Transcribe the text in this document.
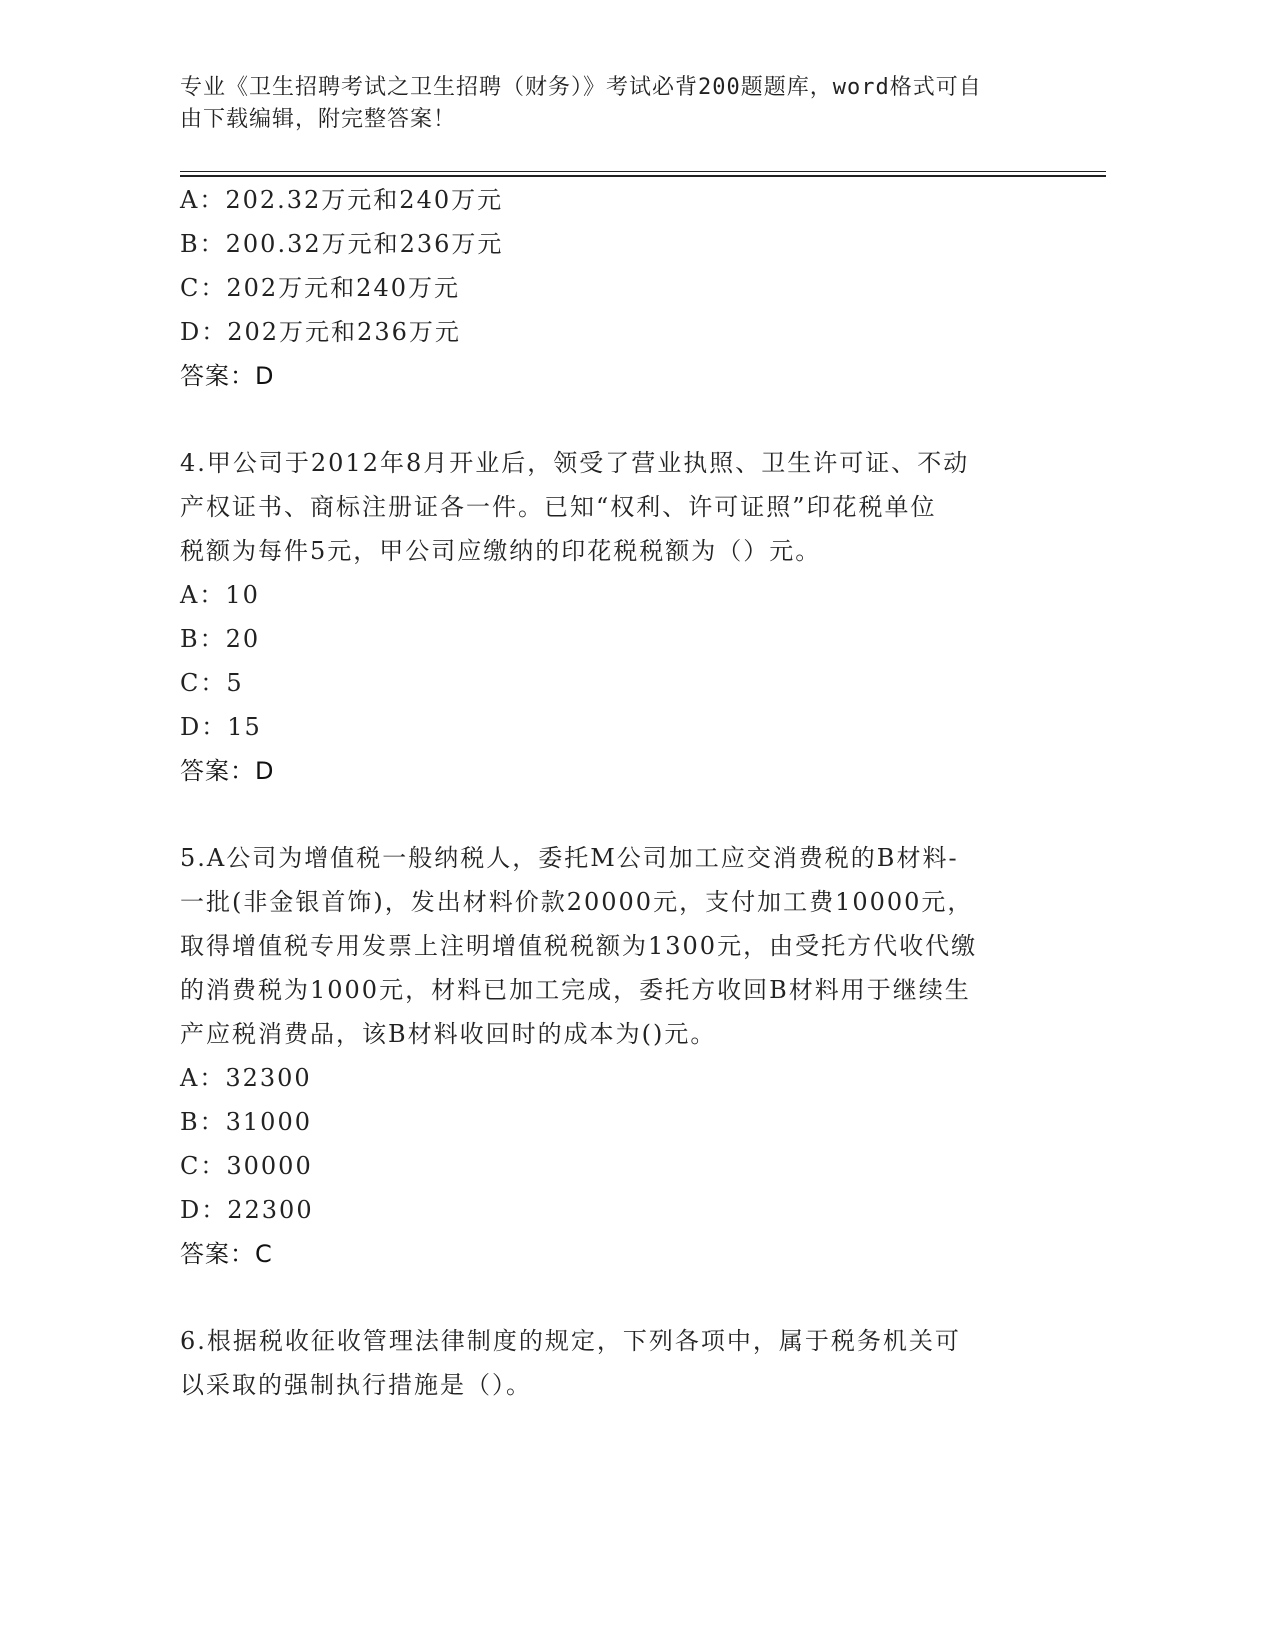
专业《卫生招聘考试之卫生招聘（财务）》考试必背200题题库，word格式可自
由下载编辑，附完整答案！
A：202.32万元和240万元
B：200.32万元和236万元
C：202万元和240万元
D：202万元和236万元
答案：D
4.甲公司于2012年8月开业后，领受了营业执照、卫生许可证、不动
产权证书、商标注册证各一件。已知“权利、许可证照”印花税单位
税额为每件5元，甲公司应缴纳的印花税税额为（）元。
A：10
B：20
C：5
D：15
答案：D
5.A公司为增值税一般纳税人，委托M公司加工应交消费税的B材料-
一批(非金银首饰)，发出材料价款20000元，支付加工费10000元，
取得增值税专用发票上注明增值税税额为1300元，由受托方代收代缴
的消费税为1000元，材料已加工完成，委托方收回B材料用于继续生
产应税消费品，该B材料收回时的成本为()元。
A：32300
B：31000
C：30000
D：22300
答案：C
6.根据税收征收管理法律制度的规定，下列各项中，属于税务机关可
以采取的强制执行措施是（）。
